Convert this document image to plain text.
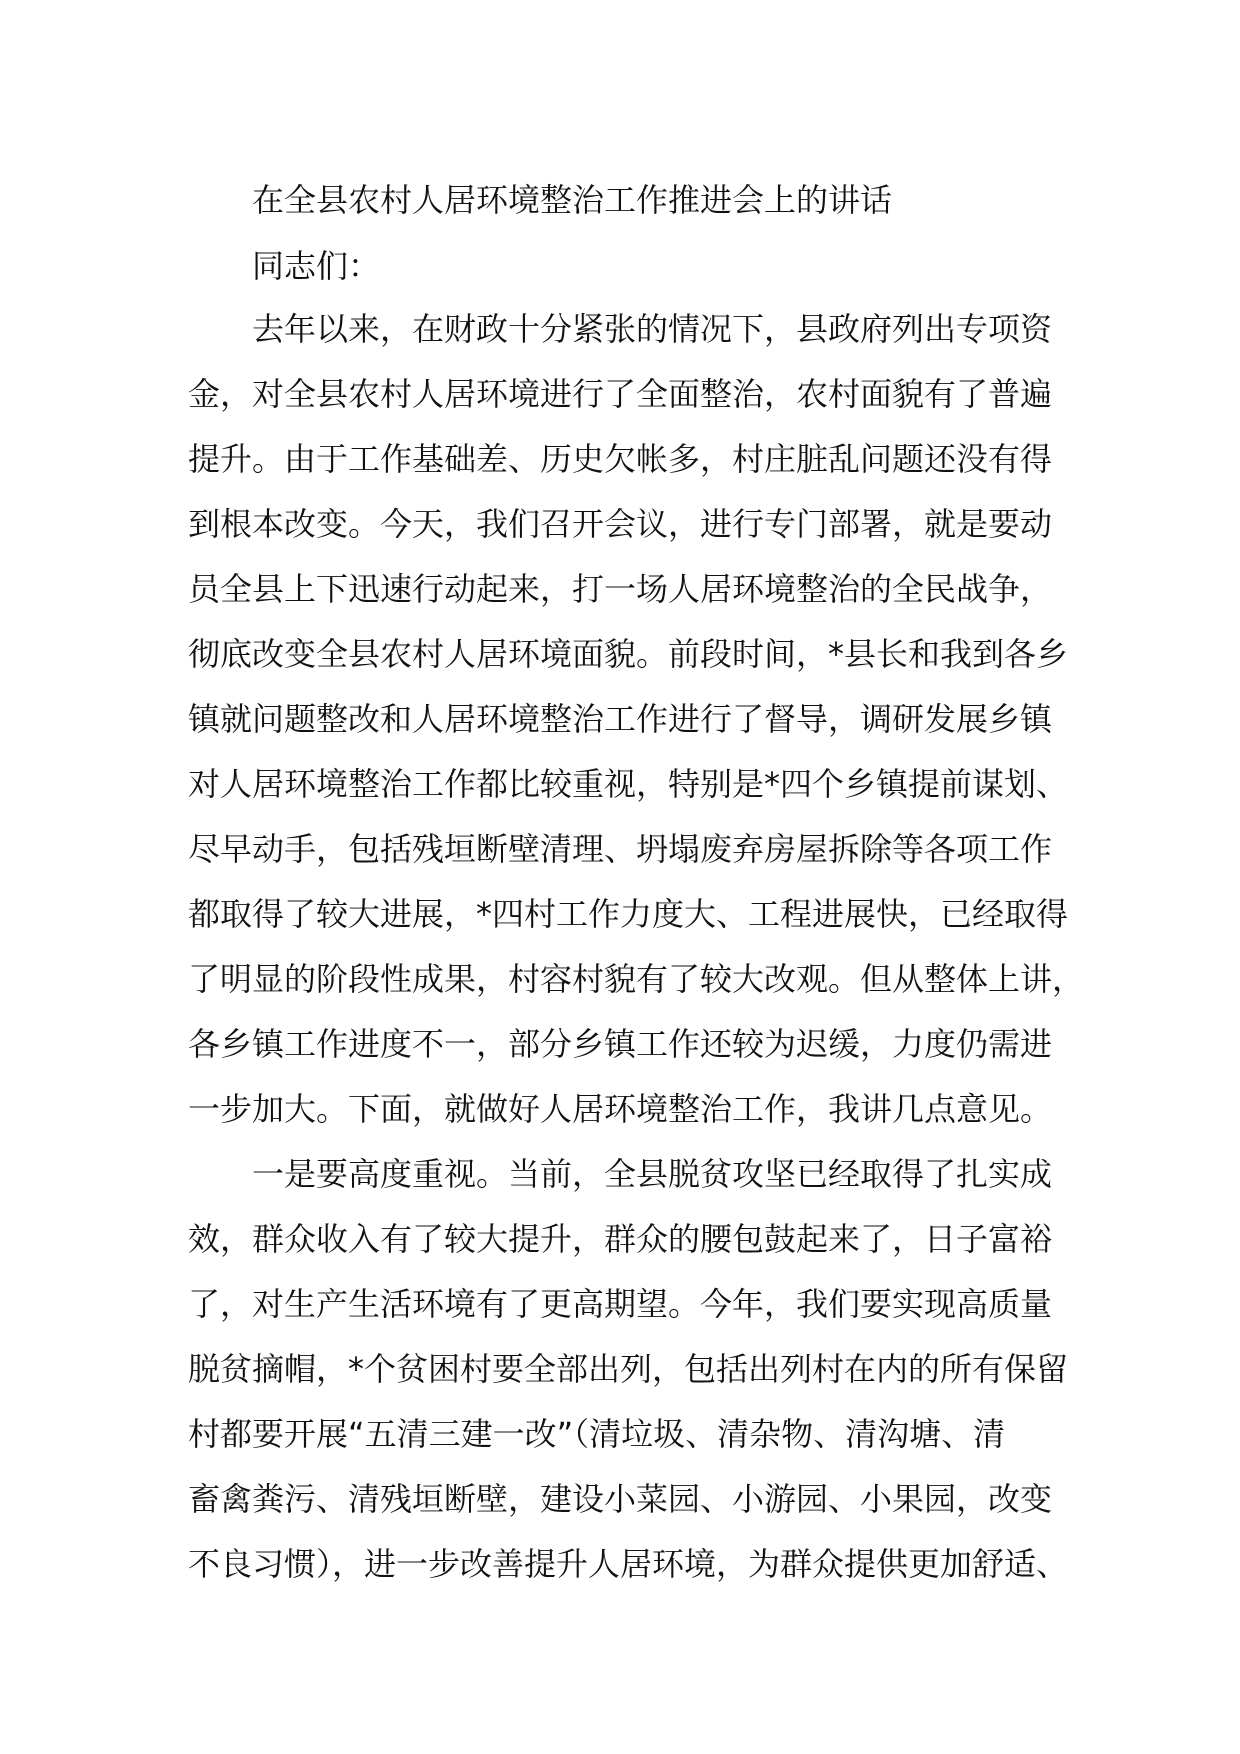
在全县农村人居环境整治工作推进会上的讲话

同志们：

去年以来，在财政十分紧张的情况下，县政府列出专项资
金，对全县农村人居环境进行了全面整治，农村面貌有了普遍
提升。由于工作基础差、历史欠帐多，村庄脏乱问题还没有得
到根本改变。今天，我们召开会议，进行专门部署，就是要动
员全县上下迅速行动起来，打一场人居环境整治的全民战争，
彻底改变全县农村人居环境面貌。前段时间，*县长和我到各乡
镇就问题整改和人居环境整治工作进行了督导，调研发展乡镇
对人居环境整治工作都比较重视，特别是*四个乡镇提前谋划、
尽早动手，包括残垣断壁清理、坍塌废弃房屋拆除等各项工作
都取得了较大进展，*四村工作力度大、工程进展快，已经取得
了明显的阶段性成果，村容村貌有了较大改观。但从整体上讲，
各乡镇工作进度不一，部分乡镇工作还较为迟缓，力度仍需进
一步加大。下面，就做好人居环境整治工作，我讲几点意见。

一是要高度重视。当前，全县脱贫攻坚已经取得了扎实成
效，群众收入有了较大提升，群众的腰包鼓起来了，日子富裕
了，对生产生活环境有了更高期望。今年，我们要实现高质量
脱贫摘帽，*个贫困村要全部出列，包括出列村在内的所有保留
村都要开展“五清三建一改”（清垃圾、清杂物、清沟塘、清
畜禽粪污、清残垣断壁，建设小菜园、小游园、小果园，改变
不良习惯），进一步改善提升人居环境，为群众提供更加舒适、
